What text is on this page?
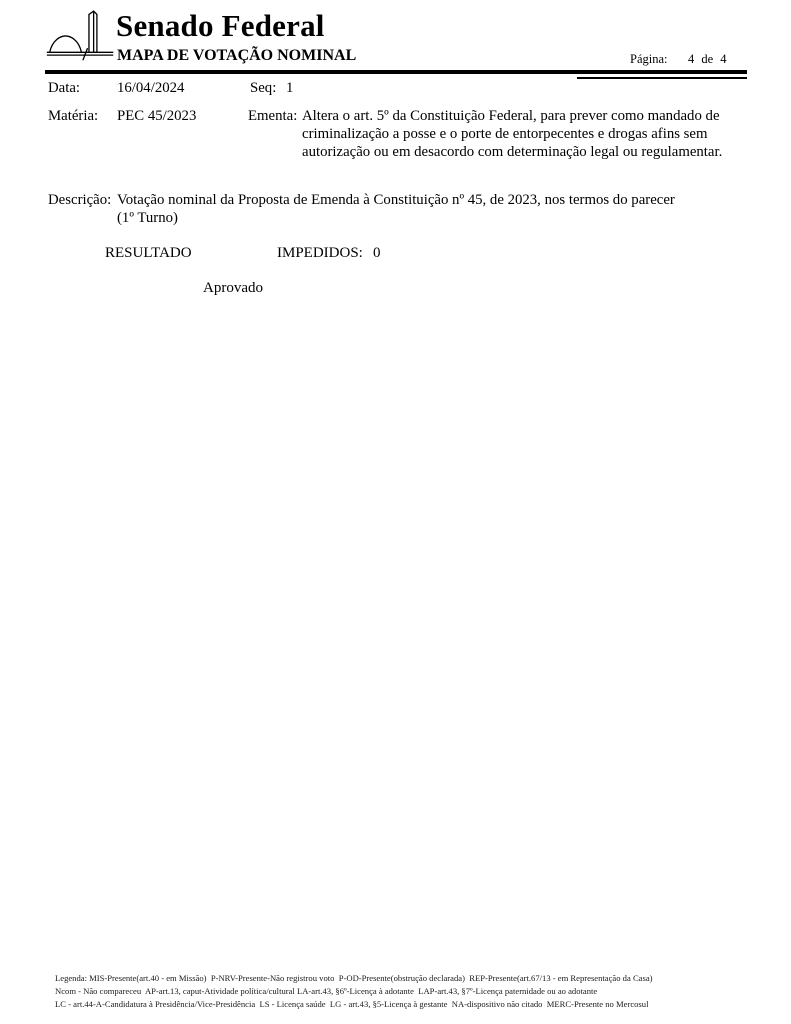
Senado Federal
MAPA DE VOTAÇÃO NOMINAL	Página: 4 de 4
Data: 16/04/2024	Seq: 1
Matéria: PEC 45/2023	Ementa: Altera o art. 5º da Constituição Federal, para prever como mandado de criminalização a posse e o porte de entorpecentes e drogas afins sem autorização ou em desacordo com determinação legal ou regulamentar.
Descrição: Votação nominal da Proposta de Emenda à Constituição nº 45, de 2023, nos termos do parecer
(1º Turno)
RESULTADO	IMPEDIDOS: 0
Aprovado
Legenda: MIS-Presente(art.40 - em Missão)  P-NRV-Presente-Não registrou voto  P-OD-Presente(obstrução declarada)  REP-Presente(art.67/13 - em Representação da Casa)
Ncom - Não compareceu  AP-art.13, caput-Atividade política/cultural LA-art.43, §6º-Licença à adotante  LAP-art.43, §7º-Licença paternidade ou ao adotante
LC - art.44-A-Candidatura à Presidência/Vice-Presidência  LS - Licença saúde  LG - art.43, §5-Licença à gestante  NA-dispositivo não citado  MERC-Presente no Mercosul
